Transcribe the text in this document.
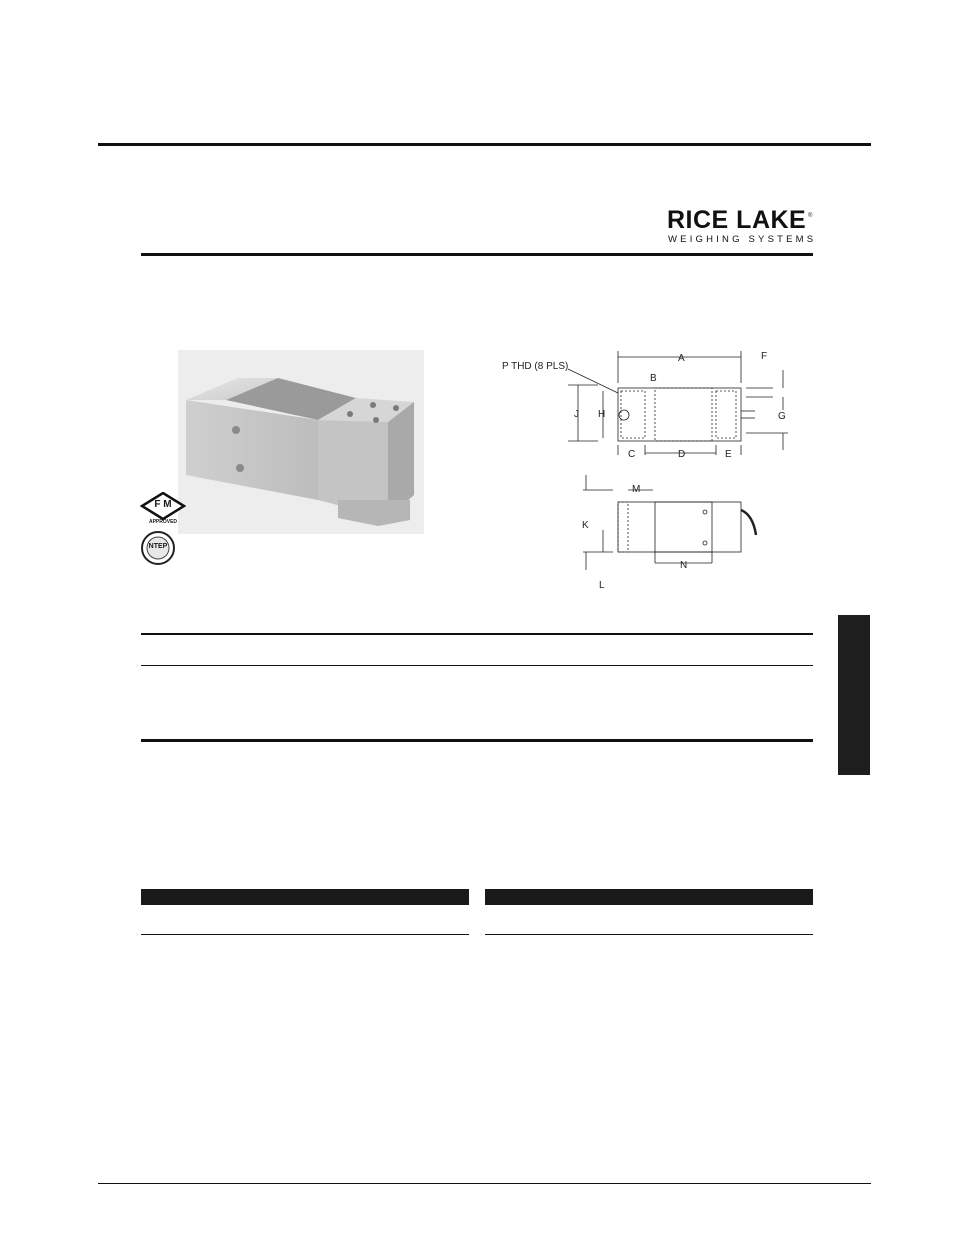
RICE LAKE ®
WEIGHING SYSTEMS
F M
APPROVED
NTEP
P THD (8 PLS)
A
B
C	D	E
F
G
H
J
K
L
M
N
